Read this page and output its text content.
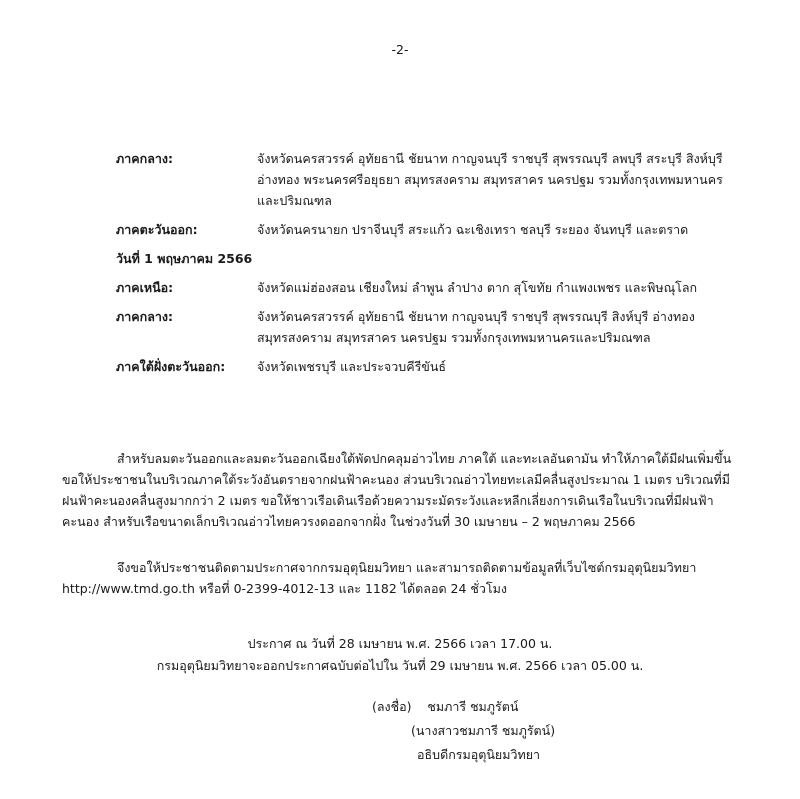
-2-
ภาคกลาง:	จังหวัดนครสวรรค์ อุทัยธานี ชัยนาท กาญจนบุรี ราชบุรี สุพรรณบุรี ลพบุรี สระบุรี สิงห์บุรี อ่างทอง พระนครศรีอยุธยา สมุทรสงคราม สมุทรสาคร นครปฐม รวมทั้งกรุงเทพมหานคร และปริมณฑล
ภาคตะวันออก:	จังหวัดนครนายก ปราจีนบุรี สระแก้ว ฉะเชิงเทรา ชลบุรี ระยอง จันทบุรี และตราด
วันที่ 1 พฤษภาคม 2566
ภาคเหนือ:	จังหวัดแม่ฮ่องสอน เชียงใหม่ ลำพูน ลำปาง ตาก สุโขทัย กำแพงเพชร และพิษณุโลก
ภาคกลาง:	จังหวัดนครสวรรค์ อุทัยธานี ชัยนาท กาญจนบุรี ราชบุรี สุพรรณบุรี สิงห์บุรี อ่างทอง สมุทรสงคราม สมุทรสาคร นครปฐม รวมทั้งกรุงเทพมหานครและปริมณฑล
ภาคใต้ฝั่งตะวันออก:	จังหวัดเพชรบุรี และประจวบคีรีขันธ์
สำหรับลมตะวันออกและลมตะวันออกเฉียงใต้พัดปกคลุมอ่าวไทย ภาคใต้ และทะเลอันดามัน ทำให้ภาคใต้มีฝนเพิ่มขึ้น ขอให้ประชาชนในบริเวณภาคใต้ระวังอันตรายจากฝนฟ้าคะนอง ส่วนบริเวณอ่าวไทยทะเลมีคลื่นสูงประมาณ 1 เมตร บริเวณที่มีฝนฟ้าคะนองคลื่นสูงมากกว่า 2 เมตร ขอให้ชาวเรือเดินเรือด้วยความระมัดระวังและหลีกเลี่ยงการเดินเรือในบริเวณที่มีฝนฟ้าคะนอง สำหรับเรือขนาดเล็กบริเวณอ่าวไทยควรงดออกจากฝั่ง ในช่วงวันที่ 30 เมษายน – 2 พฤษภาคม 2566
จึงขอให้ประชาชนติดตามประกาศจากกรมอุตุนิยมวิทยา และสามารถติดตามข้อมูลที่เว็บไซต์กรมอุตุนิยมวิทยา http://www.tmd.go.th หรือที่ 0-2399-4012-13 และ 1182 ได้ตลอด 24 ชั่วโมง
ประกาศ ณ วันที่ 28 เมษายน พ.ศ. 2566 เวลา 17.00 น.
กรมอุตุนิยมวิทยาจะออกประกาศฉบับต่อไปใน วันที่ 29 เมษายน พ.ศ. 2566 เวลา 05.00 น.
(ลงชื่อ)    ชมภารี ชมภูรัตน์
(นางสาวชมภารี ชมภูรัตน์)
อธิบดีกรมอุตุนิยมวิทยา
